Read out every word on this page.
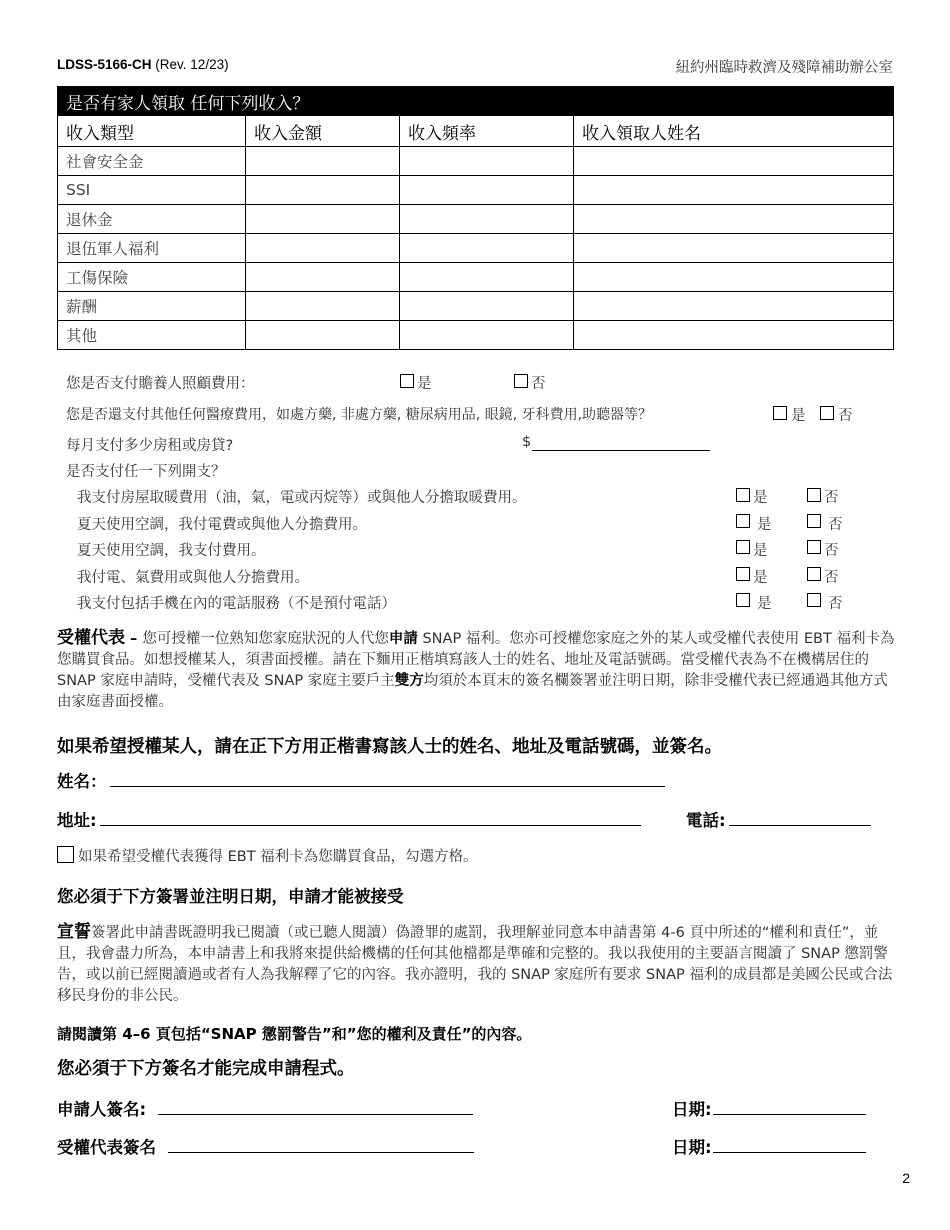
LDSS-5166-CH (Rev. 12/23)	紐約州臨時救濟及殘障補助辦公室
是否有家人領取 任何下列收入？			
收入類型	收入金額	收入頻率	收入領取人姓名
社會安全金			
SSI			
退休金			
退伍軍人福利			
工傷保險			
薪酬			
其他			
您是否支付贍養人照顧費用：	是	否
您是否還支付其他任何醫療費用，如處方藥, 非處方藥, 糖尿病用品, 眼鏡, 牙科費用,助聽器等？	是 否
每月支付多少房租或房貸?	$
是否支付任一下列開支？
我支付房屋取暖費用（油，氣，電或丙烷等）或與他人分擔取暖費用。	是	否
夏天使用空調，我付電費或與他人分擔費用。	是	否
夏天使用空調，我支付費用。	是	否
我付電、氣費用或與他人分擔費用。	是	否
我支付包括手機在內的電話服務（不是預付電話）	是	否
受權代表 – 您可授權一位熟知您家庭狀況的人代您申請 SNAP 福利。您亦可授權您家庭之外的某人或受權代表使用 EBT 福利卡為您購買食品。如想授權某人，須書面授權。請在下麵用正楷填寫該人士的姓名、地址及電話號碼。當受權代表為不在機構居住的 SNAP 家庭申請時，受權代表及 SNAP 家庭主要戶主雙方均須於本頁末的簽名欄簽署並注明日期，除非受權代表已經通過其他方式由家庭書面授權。
如果希望授權某人，請在正下方用正楷書寫該人士的姓名、地址及電話號碼，並簽名。
姓名：
地址:	電話:
如果希望受權代表獲得 EBT 福利卡為您購買食品，勾選方格。
您必須于下方簽署並注明日期，申請才能被接受
宣誓簽署此申請書既證明我已閱讀（或已聽人閱讀）偽證罪的處罰，我理解並同意本申請書第 4-6 頁中所述的“權利和責任”，並且，我會盡力所為，本申請書上和我將來提供給機構的任何其他檔都是準確和完整的。我以我使用的主要語言閱讀了 SNAP 懲罰警告，或以前已經閱讀過或者有人為我解釋了它的內容。我亦證明，我的 SNAP 家庭所有要求 SNAP 福利的成員都是美國公民或合法移民身份的非公民。
請閱讀第 4–6 頁包括“SNAP 懲罰警告”和”您的權利及責任”的內容。
您必須于下方簽名才能完成申請程式。
申請人簽名:	日期:
受權代表簽名	日期:
2
